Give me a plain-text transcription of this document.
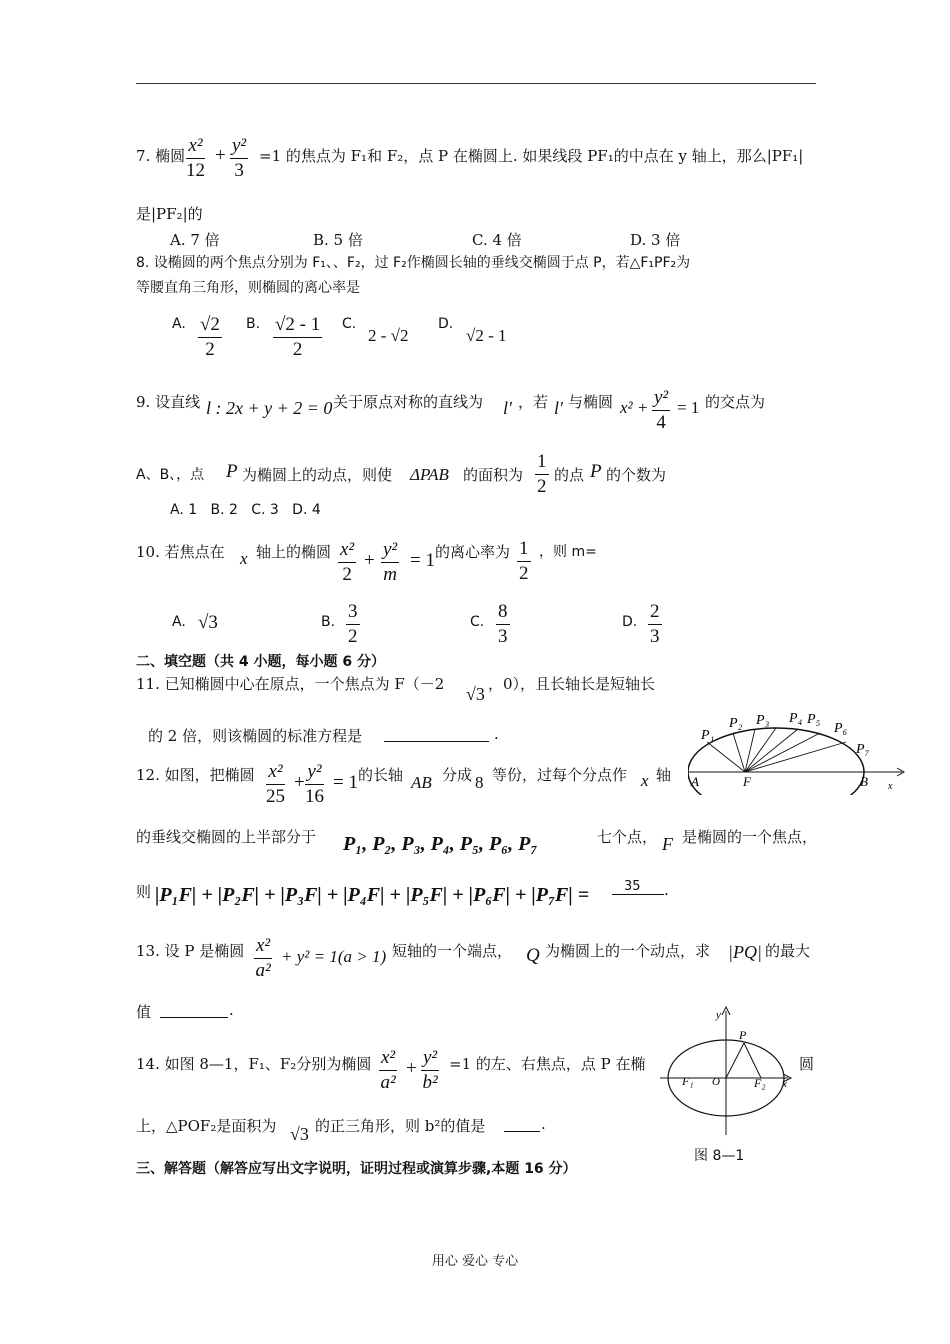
7. 椭圆 $\frac{\text{x²}}{12} + \frac{\text{y²}}{3} =1$ 的焦点为 F₁和 F₂，点 P 在椭圆上. 如果线段 PF₁的中点在 y 轴上，那么|PF₁|
是|PF₂|的
A. 7 倍	B. 5 倍	C. 4 倍	D. 3 倍
8. 设椭圆的两个焦点分别为 F₁、、F₂，过 F₂作椭圆长轴的垂线交椭圆于点 P，若△F₁PF₂为
等腰直角三角形，则椭圆的离心率是
A. $\frac{√2}{2} B$. $\frac{√2 - 1}{2} C$.
2 - √2
D.
√2 - 1
9. 设直线 l : 2x + y + 2 = 0 关于原点对称的直线为 l′ ，若 l′ 与椭圆 $x^2 + \frac{\text{y²}}{4} = 1$ 的交点为
A、B、，点 P 为椭圆上的动点，则使 ΔPAB 的面积为 $\frac{1}{2}$ 的点 P 的个数为
A. 1   B. 2   C. 3   D. 4
10. 若焦点在 x 轴上的椭圆 $\frac{\text{x²}}{2} + \frac{\text{y²}}{m} = 1$ 的离心率为 $\frac{1}{2}$ ，则 m=
A. √3	B. $\frac{3}{2}$	C. $\frac{8}{3}$	D. $\frac{2}{3}$
二、填空题（共 4 小题，每小题 6 分）
11. 已知椭圆中心在原点，一个焦点为 F（－2 √3 ，0），且长轴长是短轴长
的 2 倍，则该椭圆的标准方程是	.	P₁
P₂ P₃ P₄ P₅
P₆
P₇
A	F	B x
12. 如图，把椭圆 $\frac{\text{x²}}{25} + \frac{\text{y²}}{16} = 1$ 的长轴 AB 分成 8 等份，过每个分点作 x 轴
的垂线交椭圆的上半部分于 P₁, P₂, P₃, P₄, P₅, P₆, P₇	七个点， F 是椭圆的一个焦点，
则 |P₁F| + |P₂F| + |P₃F| + |P₄F| + |P₅F| + |P₆F| + |P₇F| =	35 .
13. 设 P 是椭圆 $\frac{\text{x²}}{\text{a²}} + y^2 = 1(a > 1)$ 短轴的一个端点， Q 为椭圆上的一个动点，求 |PQ| 的最大
值	.	y
P
F₁ O	F₂ x
14. 如图 8—1，F₁、F₂分别为椭圆 $\frac{\text{x²}}{\text{a²}} + \frac{\text{y²}}{\text{b²}} =1$ 的左、右焦点，点 P 在椭	圆
上，△POF₂是面积为 √3 的正三角形，则 b²的值是	.
图 8—1
三、解答题（解答应写出文字说明，证明过程或演算步骤,本题 16 分）
用心 爱心 专心
